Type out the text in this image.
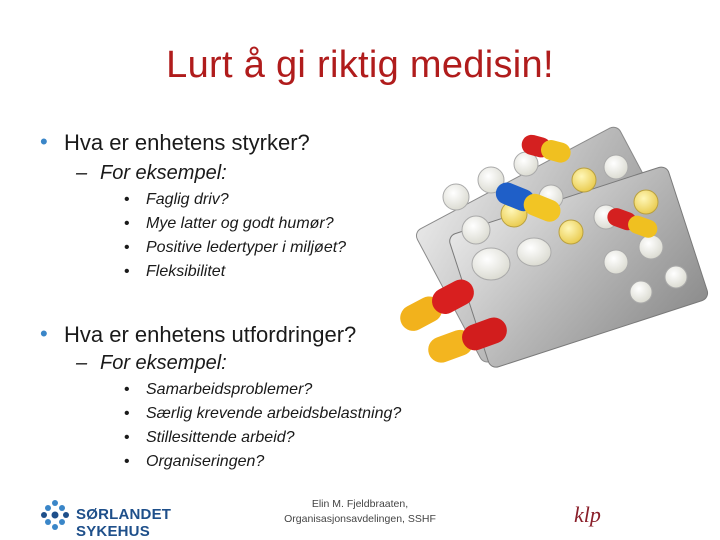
Lurt å gi riktig medisin!
• Hva er enhetens styrker?
– For eksempel:
• Faglig driv?
• Mye latter og godt humør?
• Positive ledertyper i miljøet?
• Fleksibilitet
• Hva er enhetens utfordringer?
– For eksempel:
• Samarbeidsproblemer?
• Særlig krevende arbeidsbelastning?
• Stillesittende arbeid?
• Organiseringen?
SØRLANDET SYKEHUS
Elin M. Fjeldbraaten,
Organisasjonsavdelingen, SSHF	klp
